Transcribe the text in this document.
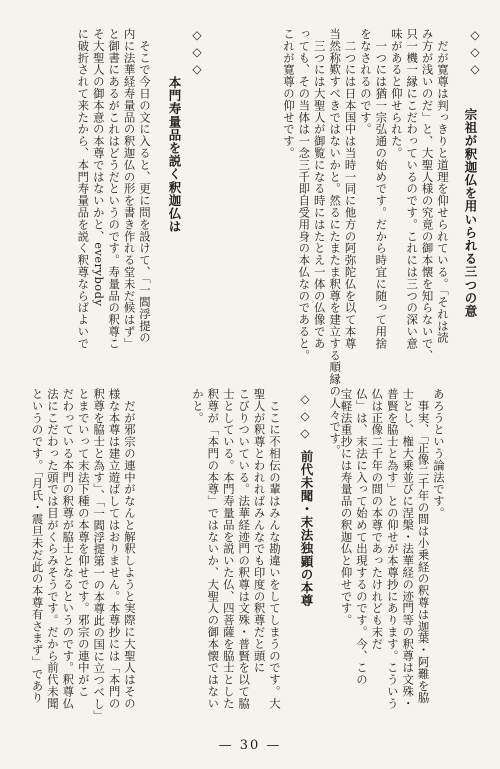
◇◇◇
宗祖が釈迦仏を用いられる三つの意
　だが寛尊は判っきりと道理を仰せられている。「それは読
み方が浅いのだ」と、大聖人様の究竟の御本懐を知らないで、
只一機一縁にこだわっているのです。これには三つの深い意
味があると仰せられた。
　一つには猶一宗弘通の始めです。だから時宜に随って用捨
をなされるのです。
　二つには日本国中は当時一同に他方の阿弥陀仏を以て本尊
当然称歎すべきではないかと。然るにたまたま釈尊を建立する順縁の人々です。
　三つには大聖人が御覧になる時にはたとえ一体の仏像であ
っても、その当体は一念三千即自受用身の本仏なのであると。
これが寛尊の仰せです。
◇◇◇
本門寿量品を説く釈迦仏は
　そこで今日の文に入ると、更に問を設けて、「一閻浮提の
内に法華経寿量品の釈迦仏の形を書き作れる堂未だ候はず」
と御書にあるがこれはどうだというのです。寿量品の釈尊こ
そ大聖人の御本意の本尊ではないかと、everybody
に破折されて来たから、本門寿量品を説く釈尊ならばよいで
あろうという論法です。
　事実、「正像二千年の間は小乗経の釈尊は迦葉・阿難を脇
士とし、権大乗並びに涅槃・法華経の迹門等の釈尊は文殊・
普賢を脇士と為す」との仰せが本尊抄にあります。こういう
仏は正像二千年の間の本尊であったけれども末だ
仏」は、末法に入って始めて出現するのです。今、この
宝軽法重抄には寿量品の釈迦仏と仰せです。
◇◇◇
前代未聞・末法独顕の本尊
　ここに不相伝の輩はみんな勘違いをしてしまうのです。大
聖人が釈尊とわれればみんなでも印度の釈尊だと頭に
こびりついている。法華経迹門の釈尊は文殊・普賢を以て脇
士としている。本門寿量品を説いた仏、四菩薩を脇士とした
釈尊が「本門の本尊」ではないか、大聖人の御本懐ではない
かと。
　だが邪宗の連中がなんと解釈しようと実際に大聖人はその
様な本尊は建立遊ばしてはおりません。本尊抄には「本門の
釈尊を脇士と為す」、「一閻浮提第一の本尊此の国に立つべし」
とまでいって末法下種の本尊を仰せです。邪宗の連中がこ
だわっている本門の釈尊が脇士となるというのです。釈尊仏
法にこだわった頭では目がくらみそうです。だから前代未聞
というのです。「月氏・震旦未だ此の本尊有さまず」であり
— 30 —
